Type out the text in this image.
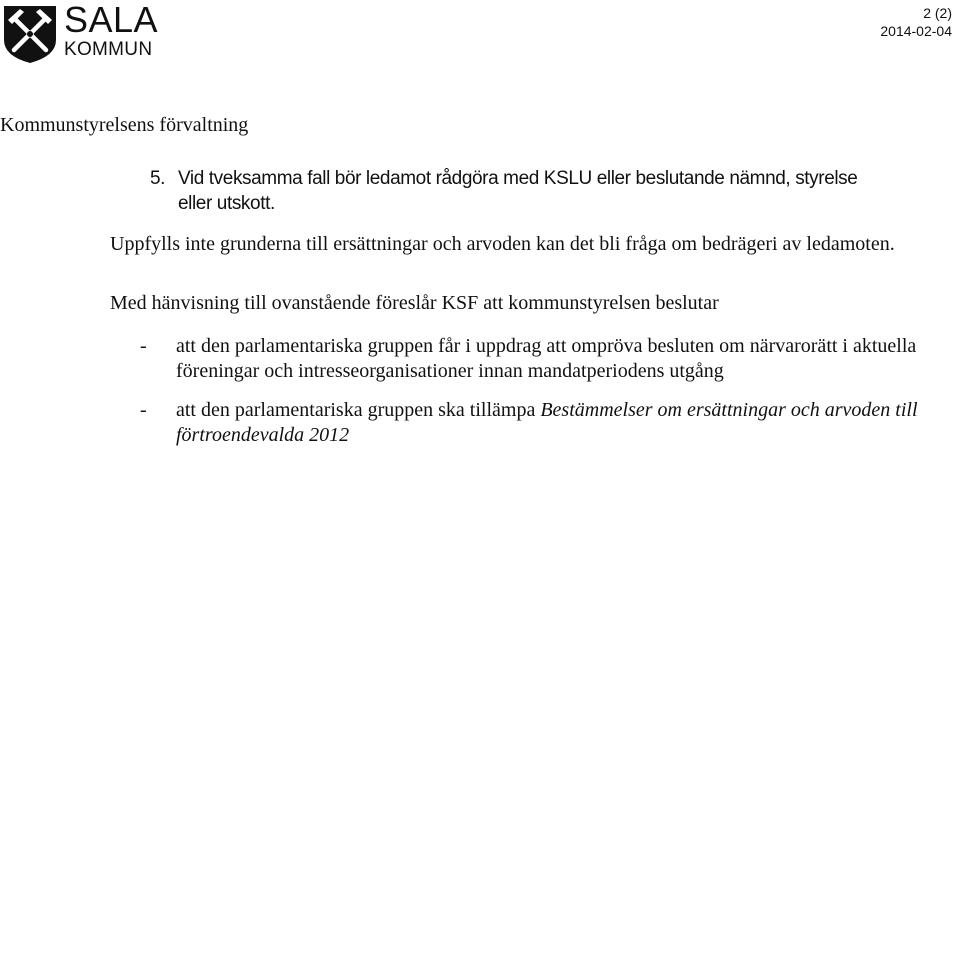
SALA
KOMMUN
2 (2)
2014-02-04
Kommunstyrelsens förvaltning
5. Vid tveksamma fall bör ledamot rådgöra med KSLU eller beslutande nämnd, styrelse eller utskott.
Uppfylls inte grunderna till ersättningar och arvoden kan det bli fråga om bedrägeri av ledamoten.
Med hänvisning till ovanstående föreslår KSF att kommunstyrelsen beslutar
- att den parlamentariska gruppen får i uppdrag att ompröva besluten om närvarorätt i aktuella föreningar och intresseorganisationer innan mandatperiodens utgång
- att den parlamentariska gruppen ska tillämpa Bestämmelser om ersättningar och arvoden till förtroendevalda 2012
